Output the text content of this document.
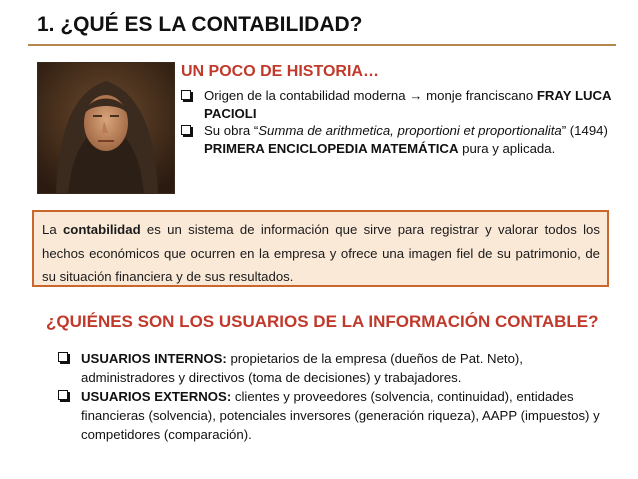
1. ¿QUÉ ES LA CONTABILIDAD?
UN POCO DE HISTORIA…
Origen de la contabilidad moderna → monje franciscano FRAY LUCA PACIOLI
Su obra “Summa de arithmetica, proportioni et proportionalita” (1494) PRIMERA ENCICLOPEDIA MATEMÁTICA pura y aplicada.
La contabilidad es un sistema de información que sirve para registrar y valorar todos los hechos económicos que ocurren en la empresa y ofrece una imagen fiel de su patrimonio, de su situación financiera y de sus resultados.
¿QUIÉNES SON LOS USUARIOS DE LA INFORMACIÓN CONTABLE?
USUARIOS INTERNOS: propietarios de la empresa (dueños de Pat. Neto), administradores y directivos (toma de decisiones) y trabajadores.
USUARIOS EXTERNOS: clientes y proveedores (solvencia, continuidad), entidades financieras (solvencia), potenciales inversores (generación riqueza), AAPP (impuestos) y competidores (comparación).
